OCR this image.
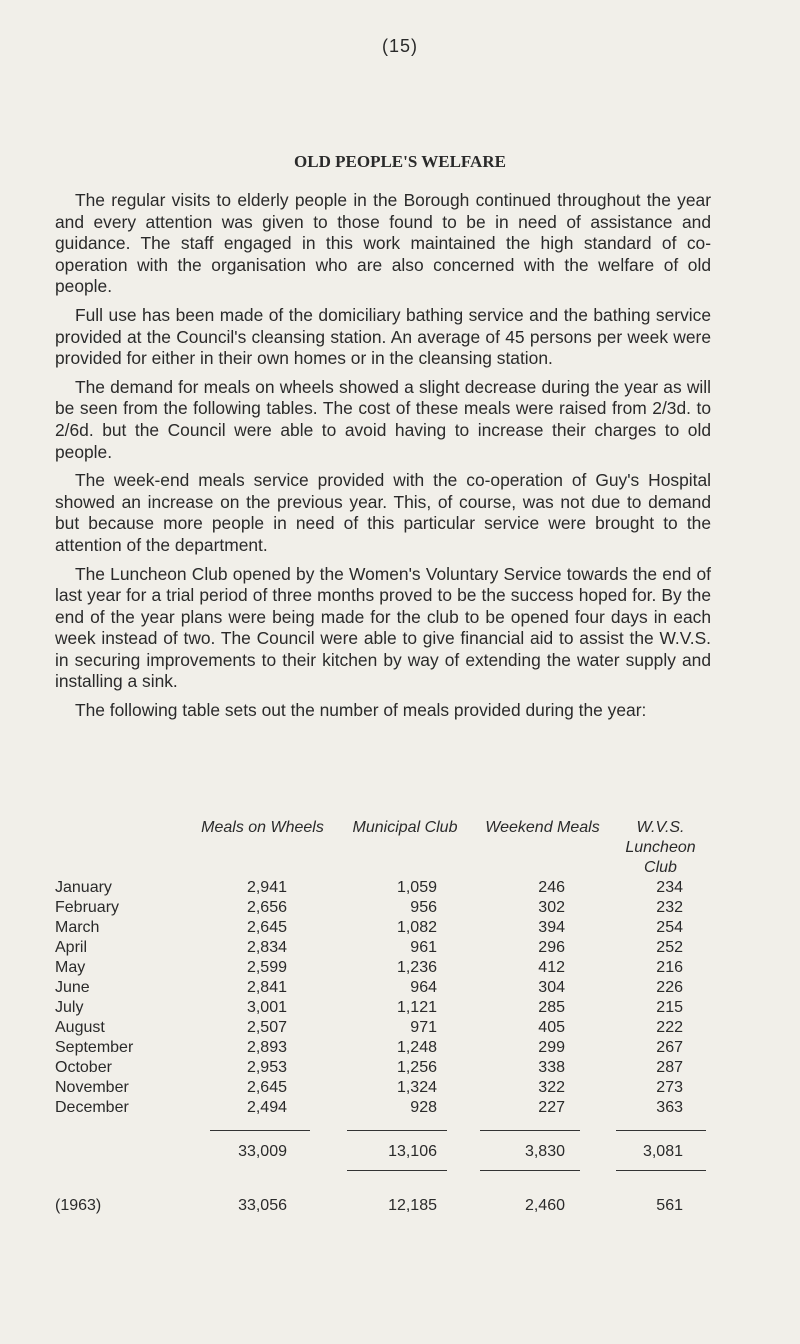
(15)
OLD PEOPLE'S WELFARE

The regular visits to elderly people in the Borough continued throughout the year and every attention was given to those found to be in need of assistance and guidance. The staff engaged in this work maintained the high standard of co-operation with the organisation who are also concerned with the welfare of old people.

Full use has been made of the domiciliary bathing service and the bathing service provided at the Council's cleansing station. An average of 45 persons per week were provided for either in their own homes or in the cleansing station.

The demand for meals on wheels showed a slight decrease during the year as will be seen from the following tables. The cost of these meals were raised from 2/3d. to 2/6d. but the Council were able to avoid having to increase their charges to old people.

The week-end meals service provided with the co-operation of Guy's Hospital showed an increase on the previous year. This, of course, was not due to demand but because more people in need of this particular service were brought to the attention of the department.

The Luncheon Club opened by the Women's Voluntary Service towards the end of last year for a trial period of three months proved to be the success hoped for. By the end of the year plans were being made for the club to be opened four days in each week instead of two. The Council were able to give financial aid to assist the W.V.S. in securing improvements to their kitchen by way of extending the water supply and installing a sink.

The following table sets out the number of meals provided during the year:

	Meals on Wheels	Municipal Club	Weekend Meals	W.V.S. Luncheon Club
January	2,941	1,059	246	234
February	2,656	956	302	232
March	2,645	1,082	394	254
April	2,834	961	296	252
May	2,599	1,236	412	216
June	2,841	964	304	226
July	3,001	1,121	285	215
August	2,507	971	405	222
September	2,893	1,248	299	267
October	2,953	1,256	338	287
November	2,645	1,324	322	273
December	2,494	928	227	363

	33,009	13,106	3,830	3,081

(1963)	33,056	12,185	2,460	561
